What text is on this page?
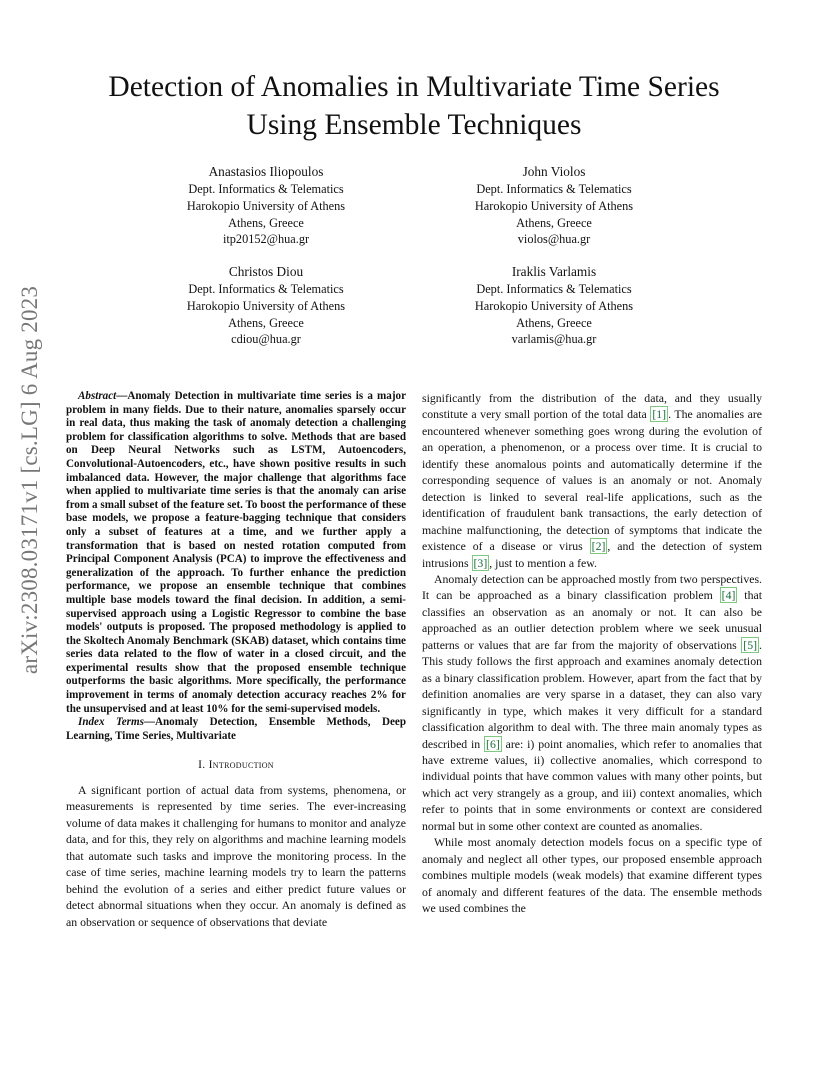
arXiv:2308.03171v1 [cs.LG] 6 Aug 2023
Detection of Anomalies in Multivariate Time Series
Using Ensemble Techniques
Anastasios Iliopoulos
Dept. Informatics & Telematics
Harokopio University of Athens
Athens, Greece
itp20152@hua.gr
John Violos
Dept. Informatics & Telematics
Harokopio University of Athens
Athens, Greece
violos@hua.gr
Christos Diou
Dept. Informatics & Telematics
Harokopio University of Athens
Athens, Greece
cdiou@hua.gr
Iraklis Varlamis
Dept. Informatics & Telematics
Harokopio University of Athens
Athens, Greece
varlamis@hua.gr

Abstract—Anomaly Detection in multivariate time series is a major problem in many fields. Due to their nature, anomalies sparsely occur in real data, thus making the task of anomaly detection a challenging problem for classification algorithms to solve. Methods that are based on Deep Neural Networks such as LSTM, Autoencoders, Convolutional-Autoencoders, etc., have shown positive results in such imbalanced data. However, the major challenge that algorithms face when applied to multivariate time series is that the anomaly can arise from a small subset of the feature set. To boost the performance of these base models, we propose a feature-bagging technique that considers only a subset of features at a time, and we further apply a transformation that is based on nested rotation computed from Principal Component Analysis (PCA) to improve the effectiveness and generalization of the approach. To further enhance the prediction performance, we propose an ensemble technique that combines multiple base models toward the final decision. In addition, a semi-supervised approach using a Logistic Regressor to combine the base models' outputs is proposed. The proposed methodology is applied to the Skoltech Anomaly Benchmark (SKAB) dataset, which contains time series data related to the flow of water in a closed circuit, and the experimental results show that the proposed ensemble technique outperforms the basic algorithms. More specifically, the performance improvement in terms of anomaly detection accuracy reaches 2% for the unsupervised and at least 10% for the semi-supervised models.

Index Terms—Anomaly Detection, Ensemble Methods, Deep Learning, Time Series, Multivariate

I. Introduction

A significant portion of actual data from systems, phenomena, or measurements is represented by time series. The ever-increasing volume of data makes it challenging for humans to monitor and analyze data, and for this, they rely on algorithms and machine learning models that automate such tasks and improve the monitoring process. In the case of time series, machine learning models try to learn the patterns behind the evolution of a series and either predict future values or detect abnormal situations when they occur. An anomaly is defined as an observation or sequence of observations that deviate

significantly from the distribution of the data, and they usually constitute a very small portion of the total data [1] . The anomalies are encountered whenever something goes wrong during the evolution of an operation, a phenomenon, or a process over time. It is crucial to identify these anomalous points and automatically determine if the corresponding sequence of values is an anomaly or not. Anomaly detection is linked to several real-life applications, such as the identification of fraudulent bank transactions, the early detection of machine malfunctioning, the detection of symptoms that indicate the existence of a disease or virus [2] , and the detection of system intrusions [3] , just to mention a few.

Anomaly detection can be approached mostly from two perspectives. It can be approached as a binary classification problem [4] that classifies an observation as an anomaly or not. It can also be approached as an outlier detection problem where we seek unusual patterns or values that are far from the majority of observations [5] . This study follows the first approach and examines anomaly detection as a binary classification problem. However, apart from the fact that by definition anomalies are very sparse in a dataset, they can also vary significantly in type, which makes it very difficult for a standard classification algorithm to deal with. The three main anomaly types as described in [6] are: i) point anomalies, which refer to anomalies that have extreme values, ii) collective anomalies, which correspond to individual points that have common values with many other points, but which act very strangely as a group, and iii) context anomalies, which refer to points that in some environments or context are considered normal but in some other context are counted as anomalies.

While most anomaly detection models focus on a specific type of anomaly and neglect all other types, our proposed ensemble approach combines multiple models (weak models) that examine different types of anomaly and different features of the data. The ensemble methods we used combines the
